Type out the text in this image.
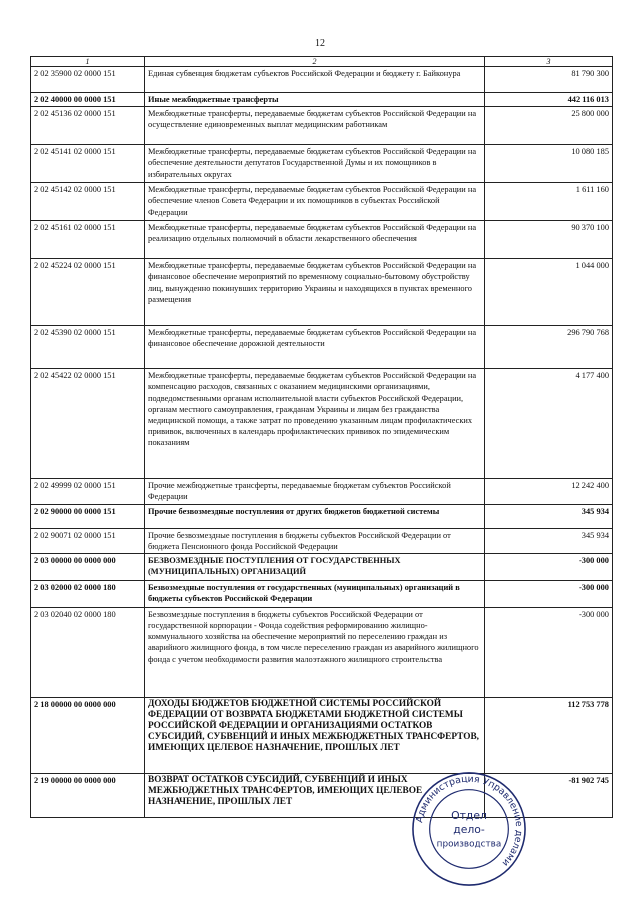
12
1	2	3
2 02 35900 02 0000 151	Единая субвенция бюджетам субъектов Российской Федерации и бюджету г. Байконура	81 790 300
2 02 40000 00 0000 151	Иные межбюджетные трансферты	442 116 013
2 02 45136 02 0000 151	Межбюджетные трансферты, передаваемые бюджетам субъектов Российской Федерации на осуществление единовременных выплат медицинским работникам	25 800 000
2 02 45141 02 0000 151	Межбюджетные трансферты, передаваемые бюджетам субъектов Российской Федерации на обеспечение деятельности депутатов Государственной Думы и их помощников в избирательных округах	10 080 185
2 02 45142 02 0000 151	Межбюджетные трансферты, передаваемые бюджетам субъектов Российской Федерации на обеспечение членов Совета Федерации и их помощников в субъектах Российской Федерации	1 611 160
2 02 45161 02 0000 151	Межбюджетные трансферты, передаваемые бюджетам субъектов Российской Федерации на реализацию отдельных полномочий в области лекарственного обеспечения	90 370 100
2 02 45224 02 0000 151	Межбюджетные трансферты, передаваемые бюджетам субъектов Российской Федерации на финансовое обеспечение мероприятий по временному социально-бытовому обустройству лиц, вынужденно покинувших территорию Украины и находящихся в пунктах временного размещения	1 044 000
2 02 45390 02 0000 151	Межбюджетные трансферты, передаваемые бюджетам субъектов Российской Федерации на финансовое обеспечение дорожной деятельности	296 790 768
2 02 45422 02 0000 151	Межбюджетные трансферты, передаваемые бюджетам субъектов Российской Федерации на компенсацию расходов, связанных с оказанием медицинскими организациями, подведомственными органам исполнительной власти субъектов Российской Федерации, органам местного самоуправления, гражданам Украины и лицам без гражданства медицинской помощи, а также затрат по проведению указанным лицам профилактических прививок, включенных в календарь профилактических прививок по эпидемическим показаниям	4 177 400
2 02 49999 02 0000 151	Прочие межбюджетные трансферты, передаваемые бюджетам субъектов Российской Федерации	12 242 400
2 02 90000 00 0000 151	Прочие безвозмездные поступления от других бюджетов бюджетной системы	345 934
2 02 90071 02 0000 151	Прочие безвозмездные поступления в бюджеты субъектов Российской Федерации от бюджета Пенсионного фонда Российской Федерации	345 934
2 03 00000 00 0000 000	БЕЗВОЗМЕЗДНЫЕ ПОСТУПЛЕНИЯ ОТ ГОСУДАРСТВЕННЫХ (МУНИЦИПАЛЬНЫХ) ОРГАНИЗАЦИЙ	-300 000
2 03 02000 02 0000 180	Безвозмездные поступления от государственных (муниципальных) организаций в бюджеты субъектов Российской Федерации	-300 000
2 03 02040 02 0000 180	Безвозмездные поступления в бюджеты субъектов Российской Федерации от государственной корпорации - Фонда содействия реформированию жилищно-коммунального хозяйства на обеспечение мероприятий по переселению граждан из аварийного жилищного фонда, в том числе переселению граждан из аварийного жилищного фонда с учетом необходимости развития малоэтажного жилищного строительства	-300 000
2 18 00000 00 0000 000	ДОХОДЫ БЮДЖЕТОВ БЮДЖЕТНОЙ СИСТЕМЫ РОССИЙСКОЙ ФЕДЕРАЦИИ ОТ ВОЗВРАТА БЮДЖЕТАМИ БЮДЖЕТНОЙ СИСТЕМЫ РОССИЙСКОЙ ФЕДЕРАЦИИ И ОРГАНИЗАЦИЯМИ ОСТАТКОВ СУБСИДИЙ, СУБВЕНЦИЙ И ИНЫХ МЕЖБЮДЖЕТНЫХ ТРАНСФЕРТОВ, ИМЕЮЩИХ ЦЕЛЕВОЕ НАЗНАЧЕНИЕ, ПРОШЛЫХ ЛЕТ	112 753 778
2 19 00000 00 0000 000	ВОЗВРАТ ОСТАТКОВ СУБСИДИЙ, СУБВЕНЦИЙ И ИНЫХ МЕЖБЮДЖЕТНЫХ ТРАНСФЕРТОВ, ИМЕЮЩИХ ЦЕЛЕВОЕ НАЗНАЧЕНИЕ, ПРОШЛЫХ ЛЕТ	-81 902 745
Администрация Управление делами
Отдел
дело-
производства
